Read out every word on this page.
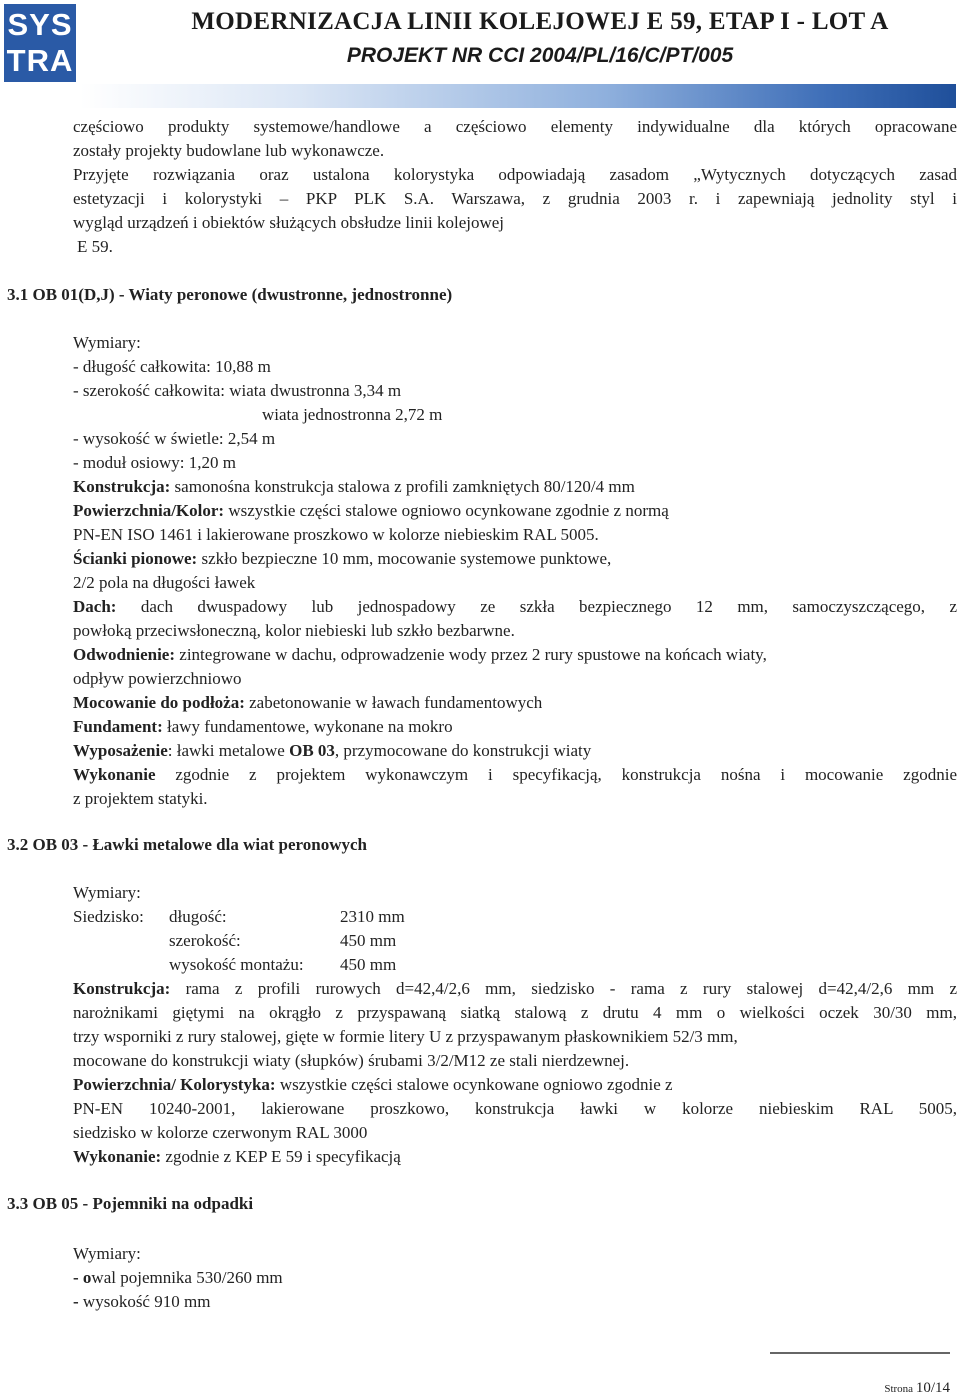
SYS
TRA
MODERNIZACJA LINII KOLEJOWEJ E 59, ETAP I - LOT A
PROJEKT NR CCI 2004/PL/16/C/PT/005
częściowo produkty systemowe/handlowe a częściowo elementy indywidualne dla których opracowane
zostały projekty budowlane lub wykonawcze.
Przyjęte rozwiązania oraz ustalona kolorystyka odpowiadają zasadom „Wytycznych dotyczących zasad
estetyzacji i kolorystyki – PKP PLK S.A. Warszawa, z grudnia 2003 r. i zapewniają jednolity styl i
wygląd urządzeń i obiektów służących obsłudze linii kolejowej
E 59.
3.1 OB 01(D,J) - Wiaty peronowe (dwustronne, jednostronne)
Wymiary:
- długość całkowita: 10,88 m
- szerokość całkowita: wiata dwustronna 3,34 m
wiata jednostronna 2,72 m
- wysokość w świetle: 2,54 m
- moduł osiowy: 1,20 m
Konstrukcja: samonośna konstrukcja stalowa z profili zamkniętych 80/120/4 mm
Powierzchnia/Kolor: wszystkie części stalowe ogniowo ocynkowane zgodnie z normą
PN-EN ISO 1461 i lakierowane proszkowo w kolorze niebieskim RAL 5005.
Ścianki pionowe: szkło bezpieczne 10 mm, mocowanie systemowe punktowe,
2/2 pola na długości ławek
Dach: dach dwuspadowy lub jednospadowy ze szkła bezpiecznego 12 mm, samoczyszczącego, z
powłoką przeciwsłoneczną, kolor niebieski lub szkło bezbarwne.
Odwodnienie: zintegrowane w dachu, odprowadzenie wody przez 2 rury spustowe na końcach wiaty,
odpływ powierzchniowo
Mocowanie do podłoża: zabetonowanie w ławach fundamentowych
Fundament: ławy fundamentowe, wykonane na mokro
Wyposażenie: ławki metalowe OB 03, przymocowane do konstrukcji wiaty
Wykonanie zgodnie z projektem wykonawczym i specyfikacją, konstrukcja nośna i mocowanie zgodnie
z projektem statyki.
3.2 OB 03 - Ławki metalowe dla wiat peronowych
Wymiary:
Siedzisko: długość:	2310 mm
szerokość:	450 mm
wysokość montażu: 450 mm
Konstrukcja: rama z profili rurowych d=42,4/2,6 mm, siedzisko - rama z rury stalowej d=42,4/2,6 mm z
narożnikami giętymi na okrągło z przyspawaną siatką stalową z drutu 4 mm o wielkości oczek 30/30 mm,
trzy wsporniki z rury stalowej, gięte w formie litery U z przyspawanym płaskownikiem 52/3 mm,
mocowane do konstrukcji wiaty (słupków) śrubami 3/2/M12 ze stali nierdzewnej.
Powierzchnia/ Kolorystyka: wszystkie części stalowe ocynkowane ogniowo zgodnie z
PN-EN 10240-2001, lakierowane proszkowo, konstrukcja ławki w kolorze niebieskim RAL 5005,
siedzisko w kolorze czerwonym RAL 3000
Wykonanie: zgodnie z KEP E 59 i specyfikacją
3.3 OB 05 - Pojemniki na odpadki
Wymiary:
- owal pojemnika 530/260 mm
- wysokość 910 mm
Strona 10/14
